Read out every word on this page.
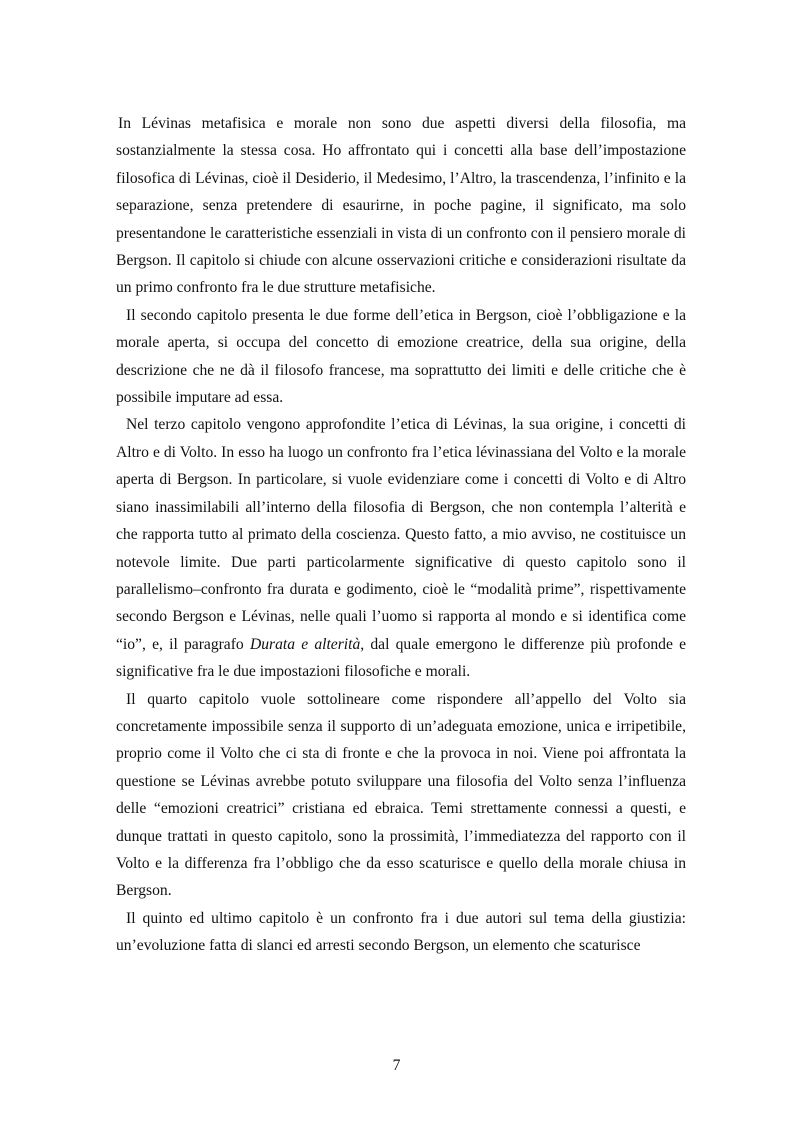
In Lévinas metafisica e morale non sono due aspetti diversi della filosofia, ma sostanzialmente la stessa cosa. Ho affrontato qui i concetti alla base dell’impostazione filosofica di Lévinas, cioè il Desiderio, il Medesimo, l’Altro, la trascendenza, l’infinito e la separazione, senza pretendere di esaurirne, in poche pagine, il significato, ma solo presentandone le caratteristiche essenziali in vista di un confronto con il pensiero morale di Bergson. Il capitolo si chiude con alcune osservazioni critiche e considerazioni risultate da un primo confronto fra le due strutture metafisiche.

Il secondo capitolo presenta le due forme dell’etica in Bergson, cioè l’obbligazione e la morale aperta, si occupa del concetto di emozione creatrice, della sua origine, della descrizione che ne dà il filosofo francese, ma soprattutto dei limiti e delle critiche che è possibile imputare ad essa.

Nel terzo capitolo vengono approfondite l’etica di Lévinas, la sua origine, i concetti di Altro e di Volto. In esso ha luogo un confronto fra l’etica lévinassiana del Volto e la morale aperta di Bergson. In particolare, si vuole evidenziare come i concetti di Volto e di Altro siano inassimilabili all’interno della filosofia di Bergson, che non contempla l’alterità e che rapporta tutto al primato della coscienza. Questo fatto, a mio avviso, ne costituisce un notevole limite. Due parti particolarmente significative di questo capitolo sono il parallelismo–confronto fra durata e godimento, cioè le “modalità prime”, rispettivamente secondo Bergson e Lévinas, nelle quali l’uomo si rapporta al mondo e si identifica come “io”, e, il paragrafo Durata e alterità, dal quale emergono le differenze più profonde e significative fra le due impostazioni filosofiche e morali.

Il quarto capitolo vuole sottolineare come rispondere all’appello del Volto sia concretamente impossibile senza il supporto di un’adeguata emozione, unica e irripetibile, proprio come il Volto che ci sta di fronte e che la provoca in noi. Viene poi affrontata la questione se Lévinas avrebbe potuto sviluppare una filosofia del Volto senza l’influenza delle “emozioni creatrici” cristiana ed ebraica. Temi strettamente connessi a questi, e dunque trattati in questo capitolo, sono la prossimità, l’immediatezza del rapporto con il Volto e la differenza fra l’obbligo che da esso scaturisce e quello della morale chiusa in Bergson.

Il quinto ed ultimo capitolo è un confronto fra i due autori sul tema della giustizia: un’evoluzione fatta di slanci ed arresti secondo Bergson, un elemento che scaturisce

7
